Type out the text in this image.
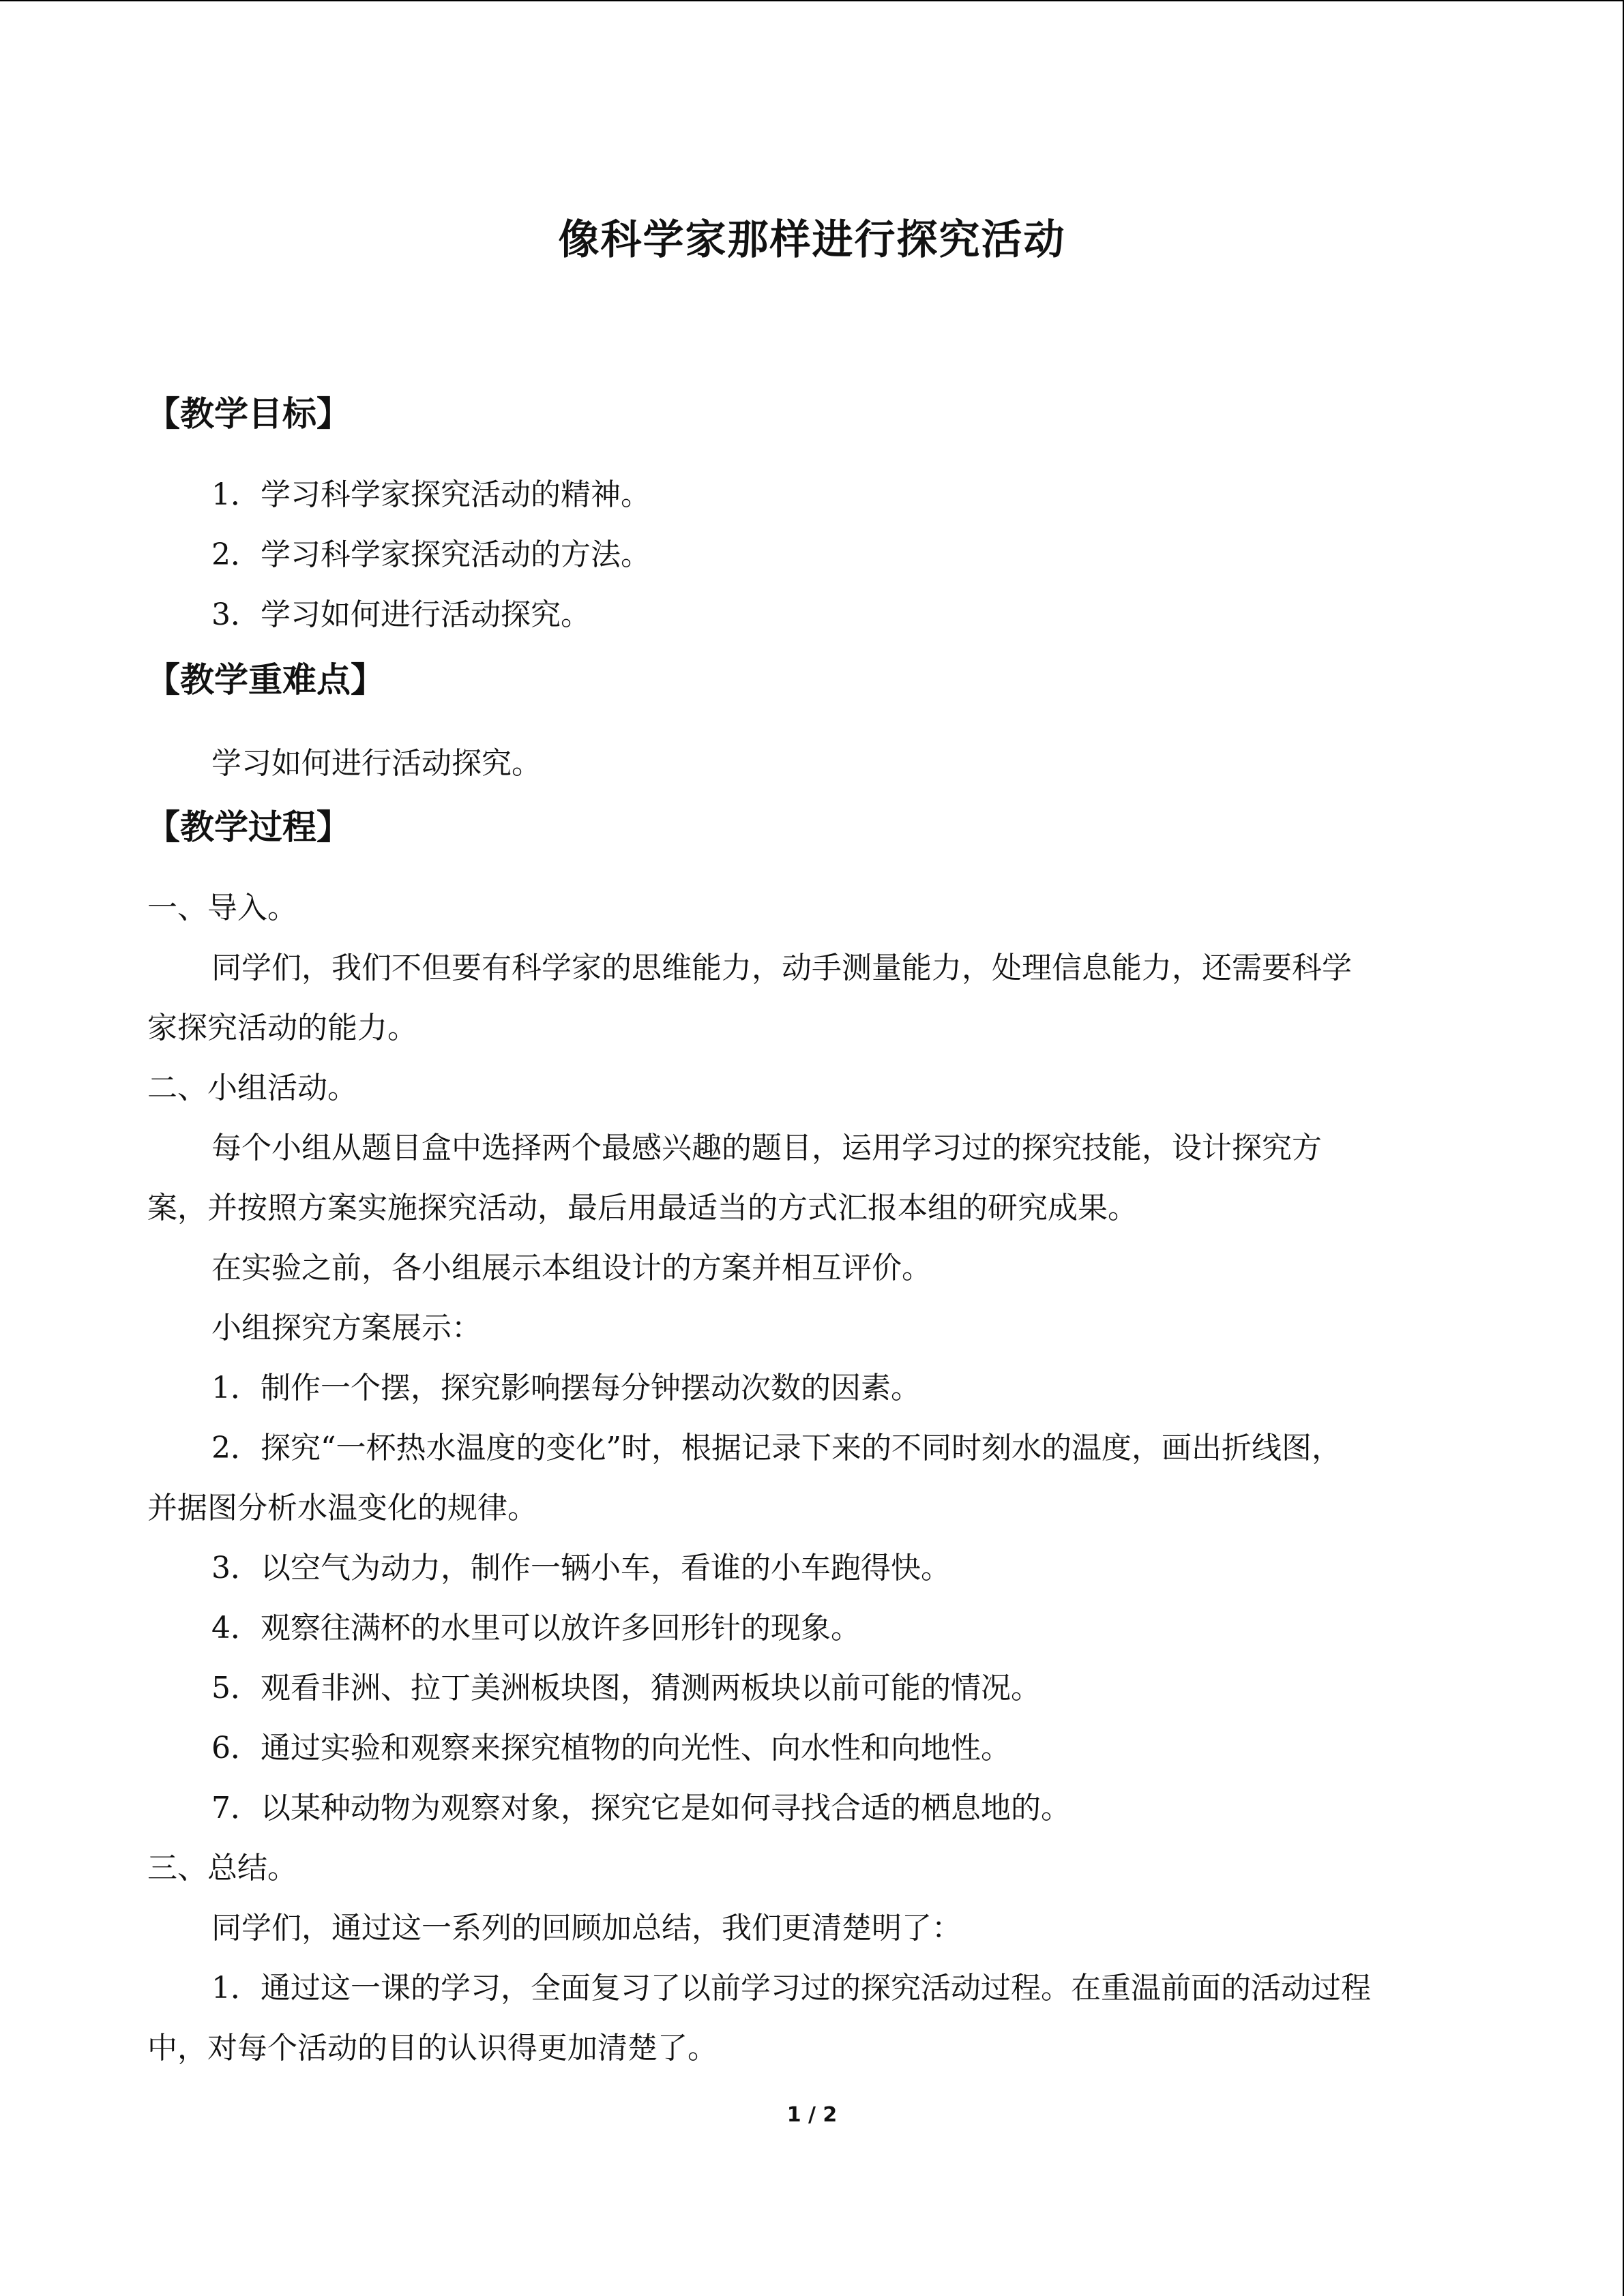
像科学家那样进行探究活动
【教学目标】
1．学习科学家探究活动的精神。
2．学习科学家探究活动的方法。
3．学习如何进行活动探究。
【教学重难点】
学习如何进行活动探究。
【教学过程】
一、导入。
同学们，我们不但要有科学家的思维能力，动手测量能力，处理信息能力，还需要科学
家探究活动的能力。
二、小组活动。
每个小组从题目盒中选择两个最感兴趣的题目，运用学习过的探究技能，设计探究方
案，并按照方案实施探究活动，最后用最适当的方式汇报本组的研究成果。
在实验之前，各小组展示本组设计的方案并相互评价。
小组探究方案展示：
1．制作一个摆，探究影响摆每分钟摆动次数的因素。
2．探究“一杯热水温度的变化”时，根据记录下来的不同时刻水的温度，画出折线图，
并据图分析水温变化的规律。
3．以空气为动力，制作一辆小车，看谁的小车跑得快。
4．观察往满杯的水里可以放许多回形针的现象。
5．观看非洲、拉丁美洲板块图，猜测两板块以前可能的情况。
6．通过实验和观察来探究植物的向光性、向水性和向地性。
7．以某种动物为观察对象，探究它是如何寻找合适的栖息地的。
三、总结。
同学们，通过这一系列的回顾加总结，我们更清楚明了：
1．通过这一课的学习，全面复习了以前学习过的探究活动过程。在重温前面的活动过程
中，对每个活动的目的认识得更加清楚了。
1 / 2
